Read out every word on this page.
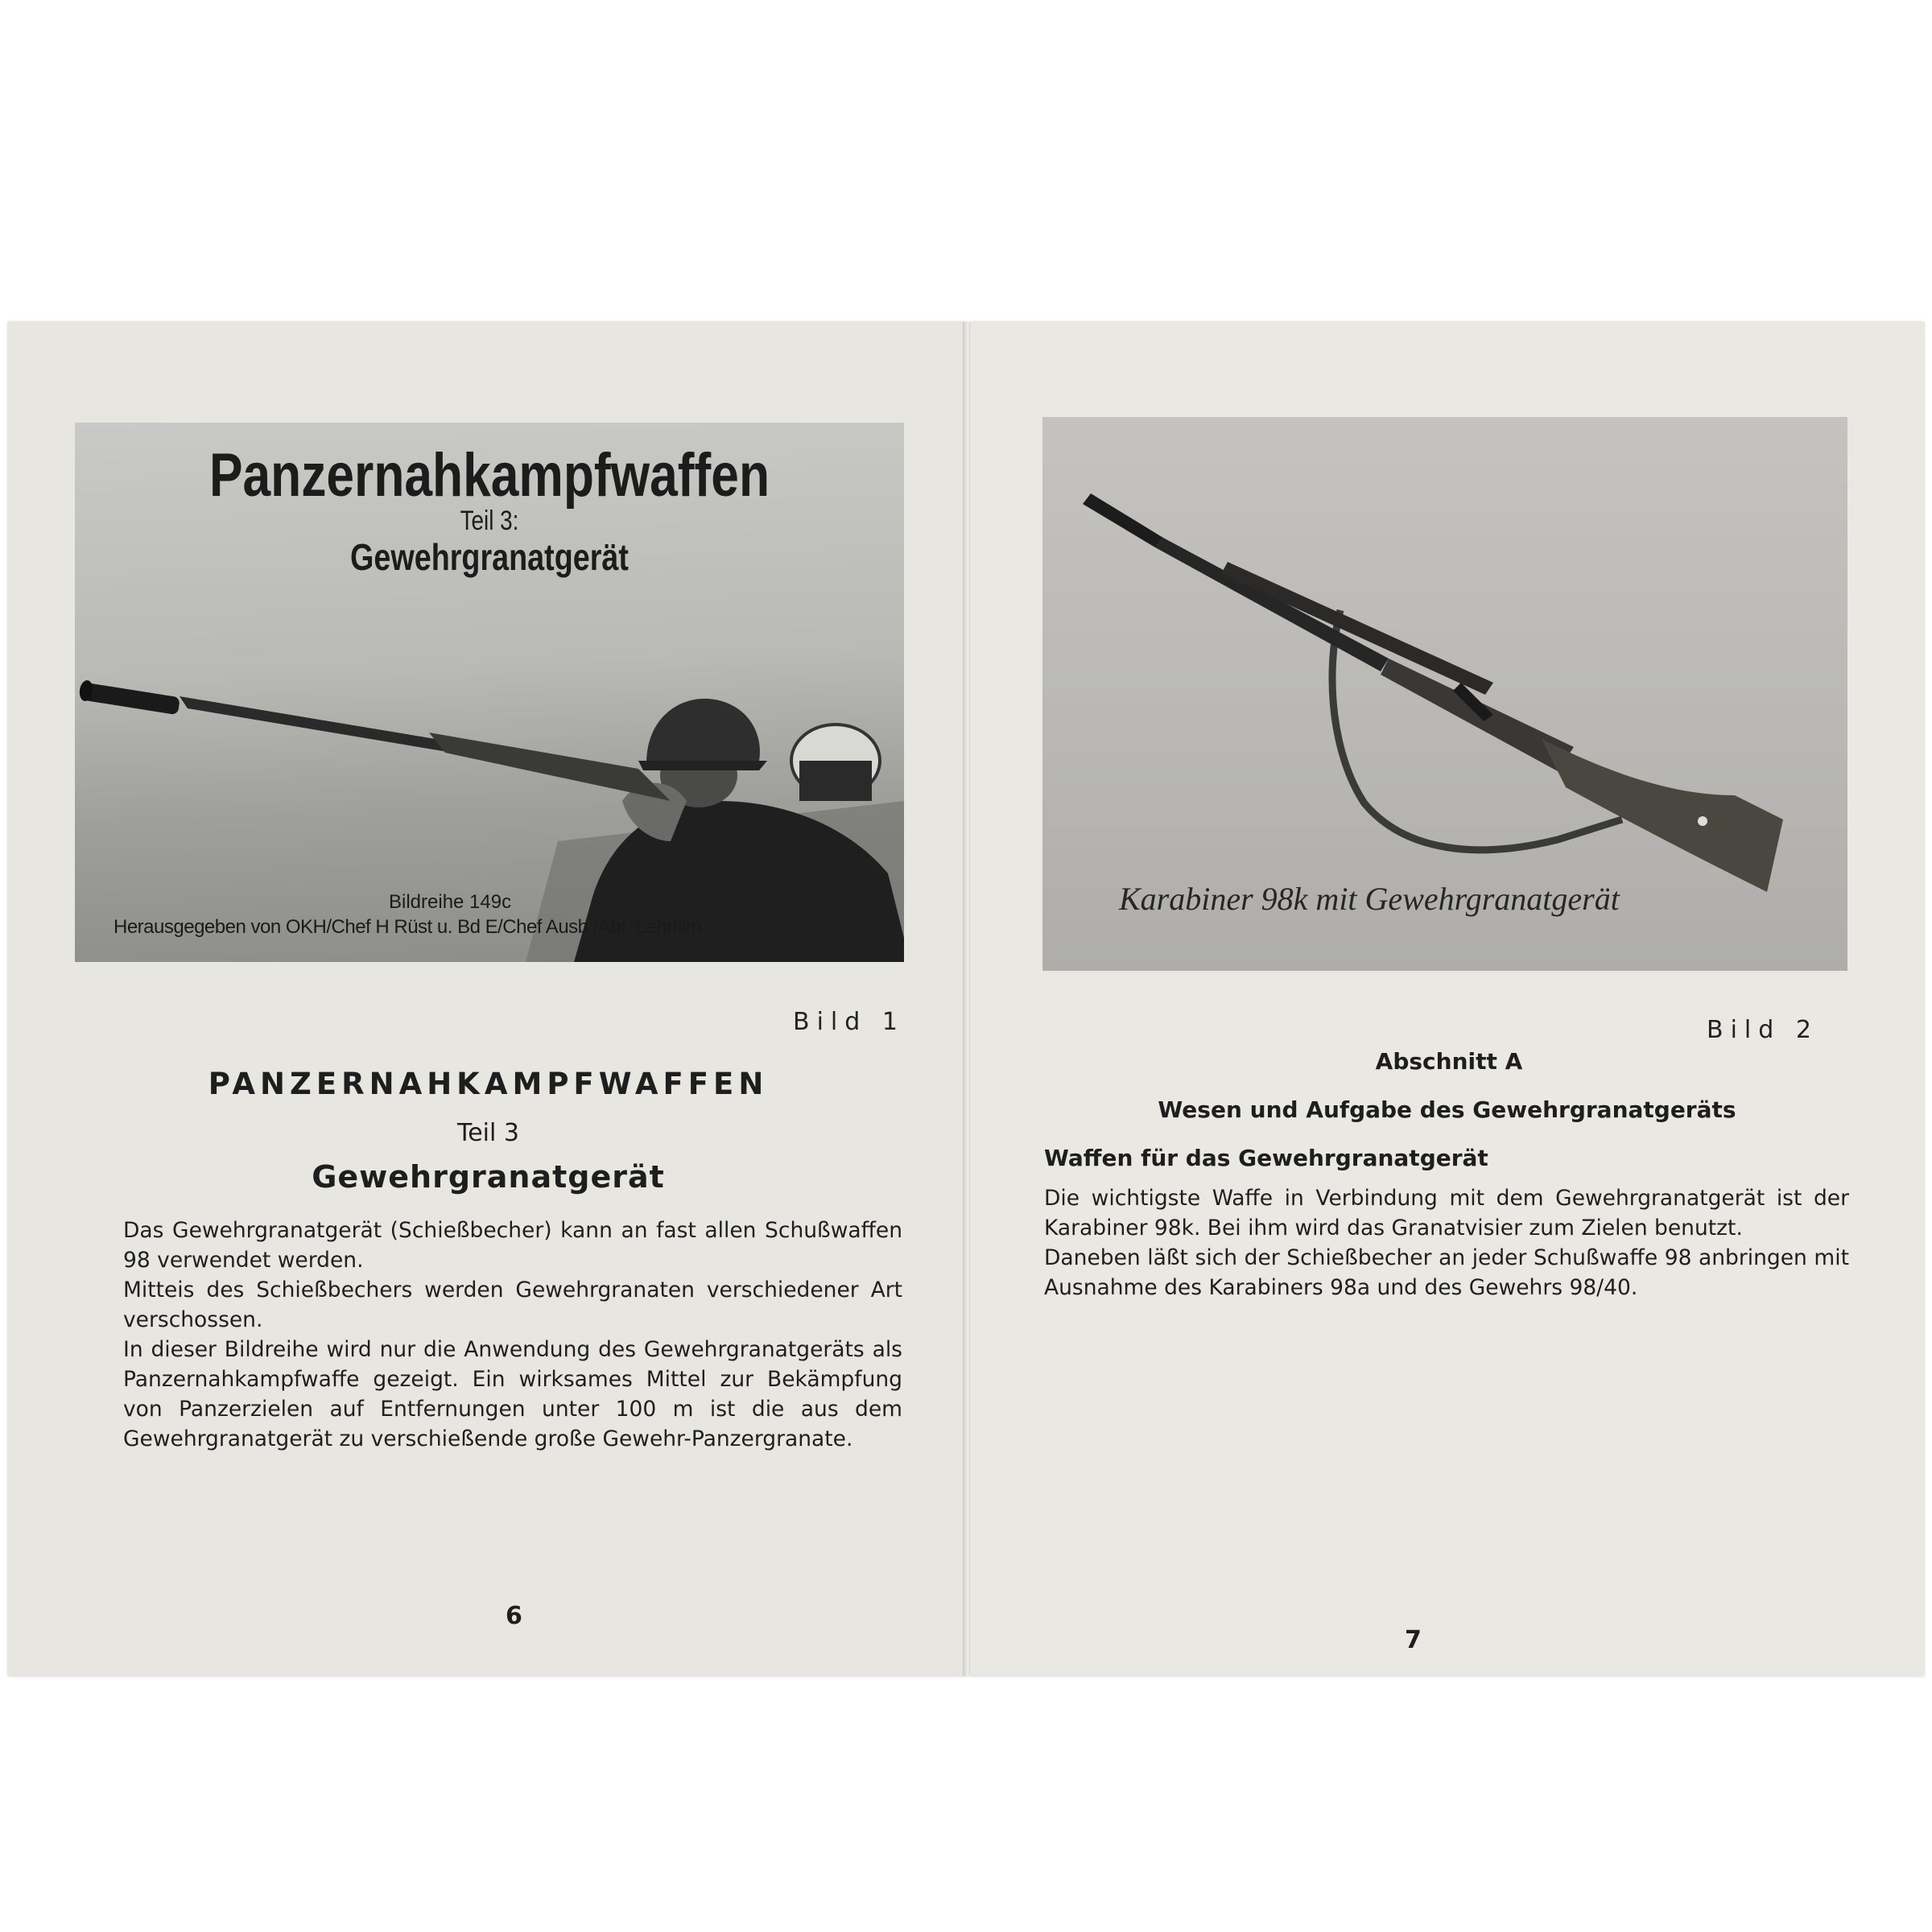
Panzernahkampfwaffen
Teil 3:
Gewehrgranatgerät
Bildreihe 149c
Herausgegeben von OKH/Chef H Rüst u. Bd E/Chef Ausb./Abt. Lehrfilm
Bild 1
PANZERNAHKAMPFWAFFEN
Teil 3
Gewehrgranatgerät

Das Gewehrgranatgerät (Schießbecher) kann an fast allen Schußwaffen 98 verwendet werden.

Mitteis des Schießbechers werden Gewehrgranaten verschiedener Art verschossen.

In dieser Bildreihe wird nur die Anwendung des Gewehrgranatgeräts als Panzernahkampfwaffe gezeigt. Ein wirksames Mittel zur Bekämpfung von Panzerzielen auf Entfernungen unter 100 m ist die aus dem Gewehrgranatgerät zu verschießende große Gewehr-Panzergranate.

6
Karabiner 98k mit Gewehrgranatgerät
Bild 2
Abschnitt A
Wesen und Aufgabe des Gewehrgranatgeräts
Waffen für das Gewehrgranatgerät

Die wichtigste Waffe in Verbindung mit dem Gewehrgranatgerät ist der Karabiner 98k. Bei ihm wird das Granatvisier zum Zielen benutzt.

Daneben läßt sich der Schießbecher an jeder Schußwaffe 98 anbringen mit Ausnahme des Karabiners 98a und des Gewehrs 98/40.

7
